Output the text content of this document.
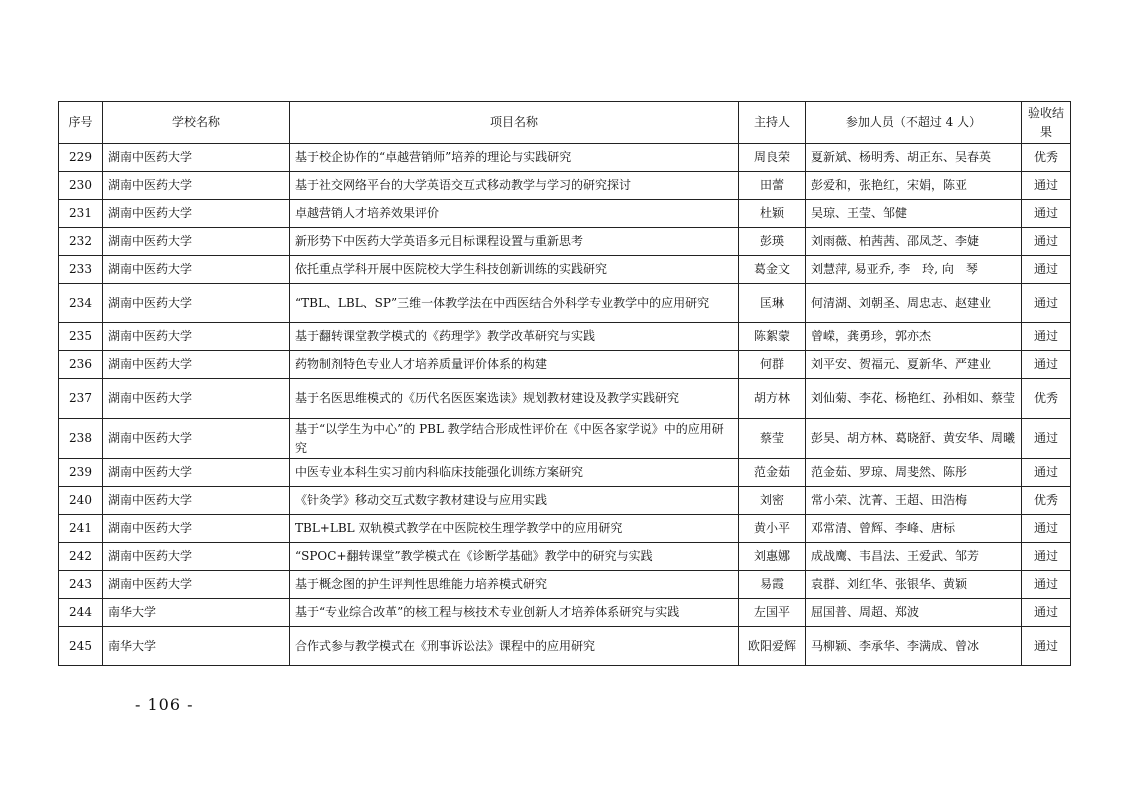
序号	学校名称	项目名称	主持人	参加人员（不超过 4 人）	验收结果
229	湖南中医药大学	基于校企协作的“卓越营销师”培养的理论与实践研究	周良荣	夏新斌、杨明秀、胡正东、吴春英	优秀
230	湖南中医药大学	基于社交网络平台的大学英语交互式移动教学与学习的研究探讨	田蕾	彭爱和，张艳红，宋娟，陈亚	通过
231	湖南中医药大学	卓越营销人才培养效果评价	杜颖	吴琼、王莹、邹健	通过
232	湖南中医药大学	新形势下中医药大学英语多元目标课程设置与重新思考	彭瑛	刘雨薇、柏茜茜、邵凤芝、李婕	通过
233	湖南中医药大学	依托重点学科开展中医院校大学生科技创新训练的实践研究	葛金文	刘慧萍, 易亚乔, 李　玲, 向　琴	通过
234	湖南中医药大学	“TBL、LBL、SP”三维一体教学法在中西医结合外科学专业教学中的应用研究	匡琳	何清湖、刘朝圣、周忠志、赵建业	通过
235	湖南中医药大学	基于翻转课堂教学模式的《药理学》教学改革研究与实践	陈絮蒙	曾嵘，龚勇珍，郭亦杰	通过
236	湖南中医药大学	药物制剂特色专业人才培养质量评价体系的构建	何群	刘平安、贺福元、夏新华、严建业	通过
237	湖南中医药大学	基于名医思维模式的《历代名医医案选读》规划教材建设及教学实践研究	胡方林	刘仙菊、李花、杨艳红、孙相如、蔡莹	优秀
238	湖南中医药大学	基于“以学生为中心”的 PBL 教学结合形成性评价在《中医各家学说》中的应用研究	蔡莹	彭昊、胡方林、葛晓舒、黄安华、周曦	通过
239	湖南中医药大学	中医专业本科生实习前内科临床技能强化训练方案研究	范金茹	范金茹、罗琼、周斐然、陈彤	通过
240	湖南中医药大学	《针灸学》移动交互式数字教材建设与应用实践	刘密	常小荣、沈菁、王超、田浩梅	优秀
241	湖南中医药大学	TBL+LBL 双轨模式教学在中医院校生理学教学中的应用研究	黄小平	邓常清、曾辉、李峰、唐标	通过
242	湖南中医药大学	“SPOC+翻转课堂”教学模式在《诊断学基础》教学中的研究与实践	刘惠娜	成战鹰、韦昌法、王爱武、邹芳	通过
243	湖南中医药大学	基于概念图的护生评判性思维能力培养模式研究	易霞	袁群、刘红华、张银华、黄颖	通过
244	南华大学	基于“专业综合改革”的核工程与核技术专业创新人才培养体系研究与实践	左国平	屈国普、周超、郑波	通过
245	南华大学	合作式参与教学模式在《刑事诉讼法》课程中的应用研究	欧阳爱辉	马柳颖、李承华、李满成、曾冰	通过
- 106 -
